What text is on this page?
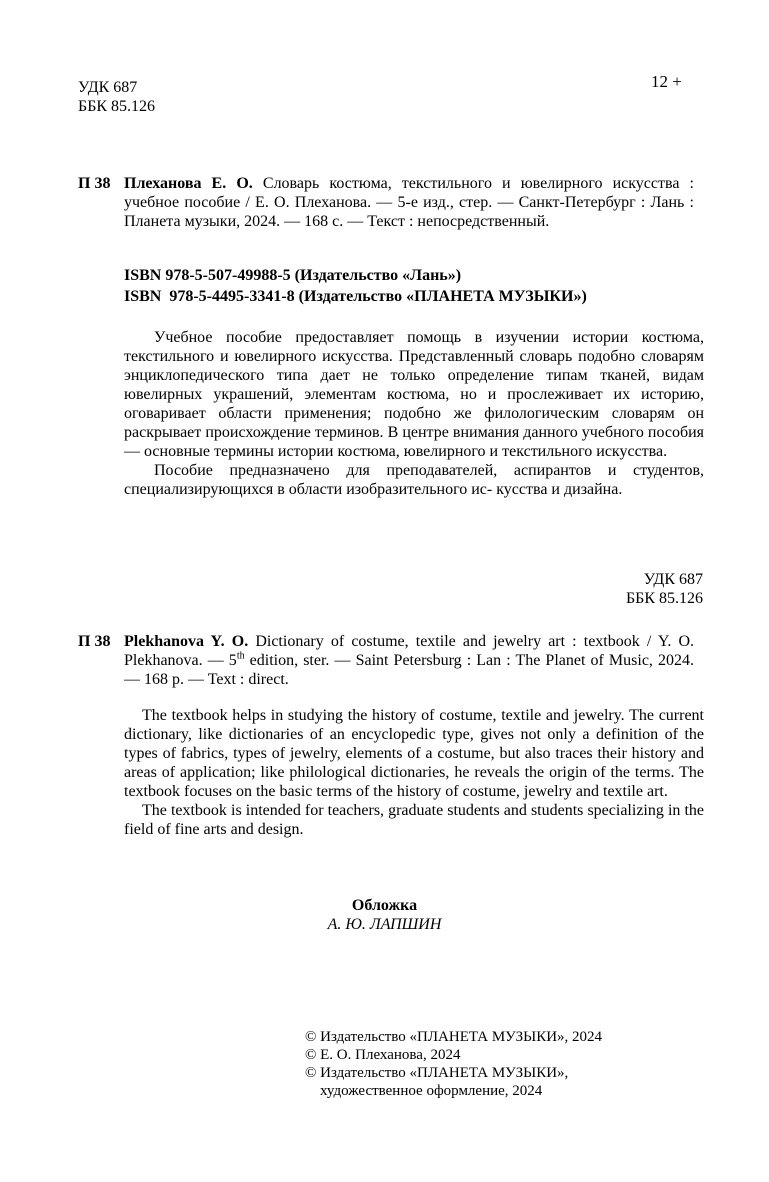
УДК 687
ББК 85.126
12 +
П 38 Плеханова Е. О. Словарь костюма, текстильного и ювелирного искусства : учебное пособие / Е. О. Плеханова. — 5-е изд., стер. — Санкт-Петербург : Лань : Планета музыки, 2024. — 168 с. — Текст : непосредственный.
ISBN 978-5-507-49988-5 (Издательство «Лань»)
ISBN  978-5-4495-3341-8 (Издательство «ПЛАНЕТА МУЗЫКИ»)

Учебное пособие предоставляет помощь в изучении истории костюма, текстильного и ювелирного искусства. Представленный словарь подобно словарям энциклопедического типа дает не только определение типам тканей, видам ювелирных украшений, элементам костюма, но и прослеживает их историю, оговаривает области применения; подобно же филологическим словарям он раскрывает происхождение терминов. В центре внимания данного учебного пособия — основные термины истории костюма, ювелирного и текстильного искусства.

Пособие предназначено для преподавателей, аспирантов и студентов, специализирующихся в области изобразительного ис- кусства и дизайна.

УДК 687
ББК 85.126
П 38 Plekhanova Y. O. Dictionary of costume, textile and jewelry art : textbook / Y. O. Plekhanova. — 5th edition, ster. — Saint Petersburg : Lan : The Planet of Music, 2024. — 168 p. — Text : direct.

The textbook helps in studying the history of costume, textile and jewelry. The current dictionary, like dictionaries of an encyclopedic type, gives not only a definition of the types of fabrics, types of jewelry, elements of a costume, but also traces their history and areas of application; like philological dictionaries, he reveals the origin of the terms. The textbook focuses on the basic terms of the history of costume, jewelry and textile art.

The textbook is intended for teachers, graduate students and students specializing in the field of fine arts and design.

Обложка
А. Ю. ЛАПШИН
© Издательство «ПЛАНЕТА МУЗЫКИ», 2024
© Е. О. Плеханова, 2024
© Издательство «ПЛАНЕТА МУЗЫКИ»,
художественное оформление, 2024
